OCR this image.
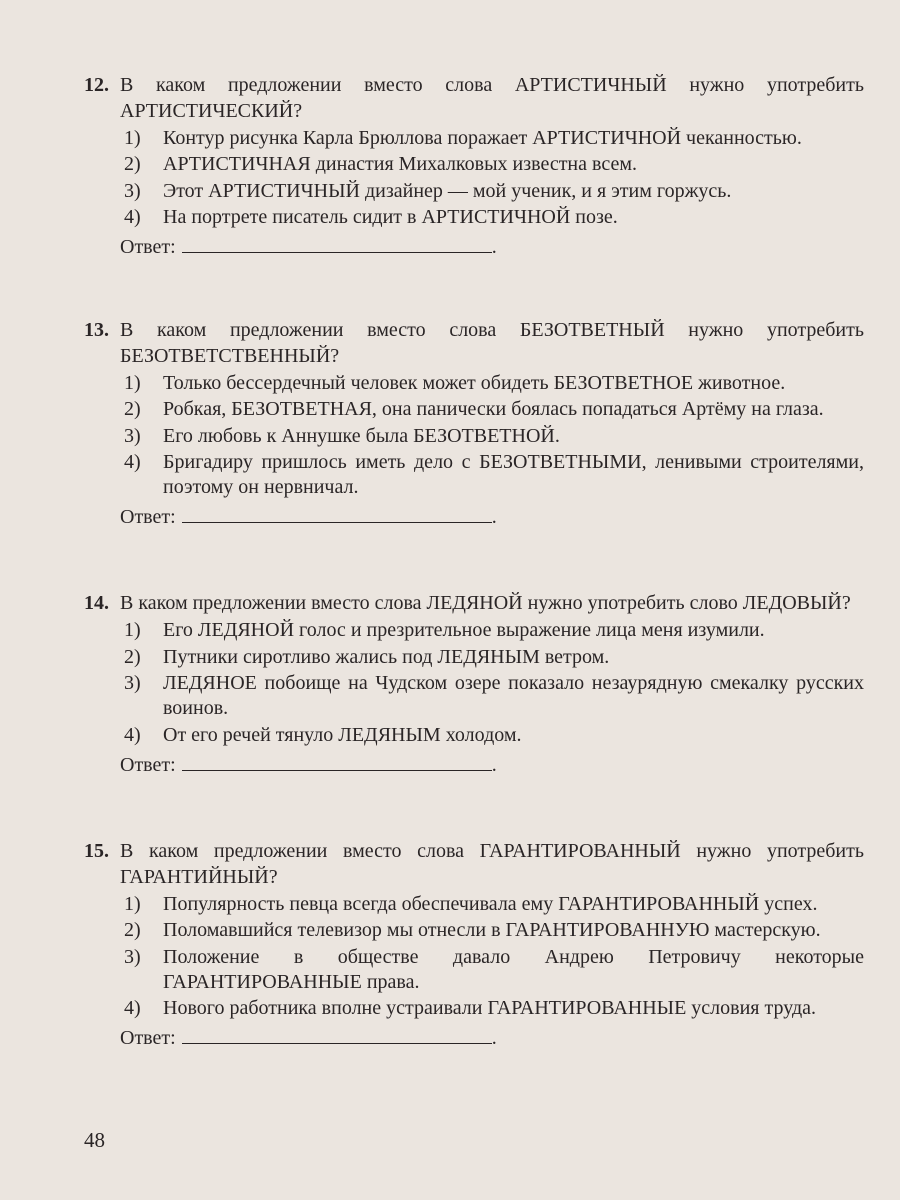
12. В каком предложении вместо слова АРТИСТИЧНЫЙ нужно употребить АРТИСТИЧЕСКИЙ?
1) Контур рисунка Карла Брюллова поражает АРТИСТИЧНОЙ чеканностью.
2) АРТИСТИЧНАЯ династия Михалковых известна всем.
3) Этот АРТИСТИЧНЫЙ дизайнер — мой ученик, и я этим горжусь.
4) На портрете писатель сидит в АРТИСТИЧНОЙ позе.
Ответ:	.
13. В каком предложении вместо слова БЕЗОТВЕТНЫЙ нужно употребить БЕЗОТВЕТСТВЕННЫЙ?
1) Только бессердечный человек может обидеть БЕЗОТВЕТНОЕ животное.
2) Робкая, БЕЗОТВЕТНАЯ, она панически боялась попадаться Артёму на глаза.
3) Его любовь к Аннушке была БЕЗОТВЕТНОЙ.
4) Бригадиру пришлось иметь дело с БЕЗОТВЕТНЫМИ, ленивыми строителями, поэтому он нервничал.
Ответ:	.
14. В каком предложении вместо слова ЛЕДЯНОЙ нужно употребить слово ЛЕДОВЫЙ?
1) Его ЛЕДЯНОЙ голос и презрительное выражение лица меня изумили.
2) Путники сиротливо жались под ЛЕДЯНЫМ ветром.
3) ЛЕДЯНОЕ побоище на Чудском озере показало незаурядную смекалку русских воинов.
4) От его речей тянуло ЛЕДЯНЫМ холодом.
Ответ:	.
15. В каком предложении вместо слова ГАРАНТИРОВАННЫЙ нужно употребить ГАРАНТИЙНЫЙ?
1) Популярность певца всегда обеспечивала ему ГАРАНТИРОВАННЫЙ успех.
2) Поломавшийся телевизор мы отнесли в ГАРАНТИРОВАННУЮ мастерскую.
3) Положение в обществе давало Андрею Петровичу некоторые ГАРАНТИРОВАННЫЕ права.
4) Нового работника вполне устраивали ГАРАНТИРОВАННЫЕ условия труда.
Ответ:	.
48
